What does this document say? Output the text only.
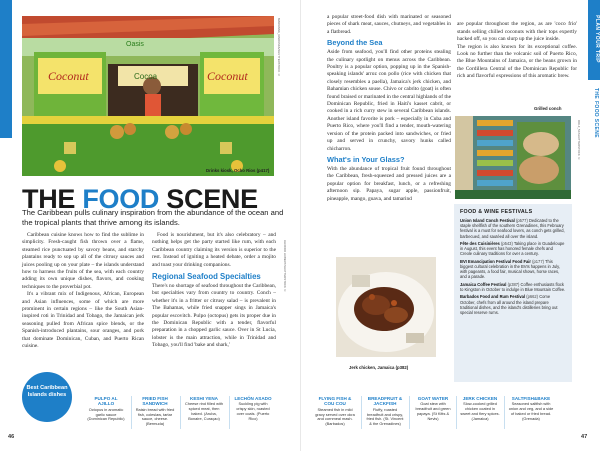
Coconut	Coconut
Cocoa
Oasis	MARIANNA_IANOVSKA/SHUTTERSTOCK ©
Drinks kiosk, Ocho Rios (p417)
THE FOOD SCENE
The Caribbean pulls culinary inspiration from the abundance of the ocean and the tropical plants that thrive among its islands.

Caribbean cuisine knows how to find the sublime in simplicity. Fresh-caught fish thrown over a flame, steamed rice punctuated by savory beans, and starchy plantains ready to sop up all of the citrusy sauces and juices pooling up on your plate – the islands understand how to harness the fruits of the sea, with each country adding its own unique dishes, flavors, and cooking techniques to the proverbial pot.

It's a vibrant mix of Indigenous, African, European and Asian influences, some of which are more prominent in certain regions – like the South Asian-inspired roti in Trinidad and Tobago, the Jamaican jerk seasoning pulled from African spice blends, or the Spanish-introduced plantains, sour oranges, and pork that dominate Dominican, Cuban, and Puerto Rican cuisine.

Food is nourishment, but it's also celebratory – and nothing helps get the party started like rum, with each Caribbean country claiming its version is superior to the rest. Instead of igniting a heated debate, order a mojito and toast your drinking companions.

Regional Seafood Specialties

There's no shortage of seafood throughout the Caribbean, but specialties vary from country to country. Conch – whether it's in a fritter or citrusy salad – is prevalent in The Bahamas, while fried snapper sings in Jamaica's popular escovitch. Pulpo (octopus) gets its proper due in the Dominican Republic with a tender, flavorful preparation in a chopped garlic sauce. Over in St Lucia, lobster is the main attraction, while in Trinidad and Tobago, you'll find 'bake and shark,'

ALFRIDO HUBERT/SHUTTERSTOCK ©
Best Caribbean Islands dishes
PULPO AL AJILLO
Octopus in aromatic garlic sauce (Dominican Republic)
FRIED FISH SANDWICH
Raisin bread with fried fish, coleslaw, tartar sauce, cheese. (Bermuda)
KESHI YENA
Cheese rind filled with spiced meat, then baked. (Aruba, Bonaire, Curaçao)
LECHÓN ASADO
Suckling pig with crispy skin, roasted over coals. (Puerto Rico)
46
PLAN YOUR TRIP
THE FOOD SCENE

a popular street-food dish with marinated or seasoned pieces of shark meat, sauces, chutneys, and vegetables in a flatbread.

Beyond the Sea

Aside from seafood, you'll find other proteins stealing the culinary spotlight on menus across the Caribbean. Poultry is a popular option, popping up in the Spanish-speaking islands' arroz con pollo (rice with chicken that closely resembles a paella), Jamaica's jerk chicken, and Bahamian chicken souse. Chivo or cabrito (goat) is often found braised or marinated in the central highlands of the Dominican Republic, fried in Haiti's kasset cabrit, or cooked in a rich curry stew in several Caribbean islands. Another island favorite is pork – especially in Cuba and Puerto Rico, where you'll find a tender, mouth-watering version of the protein packed into sandwiches, or fried up and served in crunchy, savory hunks called chicharron.

What's in Your Glass?

With the abundance of tropical fruit found throughout the Caribbean, fresh-squeezed and pressed juices are a popular option for breakfast, lunch, or a refreshing afternoon sip. Papaya, sugar apple, passionfruit, pineapple, mango, guava, and tamarind

are popular throughout the region, as are 'coco frio' stands selling chilled coconuts with their tops expertly hacked off, so you can slurp up the juice inside.
The region is also known for its exceptional coffee. Look no further than the volcanic soil of Puerto Rico, the Blue Mountains of Jamaica, or the beans grown in the Cordillera Central of the Dominican Republic for rich and flavorful expressions of this aromatic brew.

Grilled conch
ROLF_52/SHUTTERSTOCK ©
Jerk chicken, Jamaica (p382)
FLYING FISH & COU COU
Steamed fish in mild gravy served over okra and cornmeal mash. (Barbados)
BREADFRUIT & JACKFISH
Fluffy, roasted breadfruit and crispy, fried fish. (St. Vincent & the Grenadines)
GOAT WATER
Goat stew with breadfruit and green papaya. (St Kitts & Nevis)
JERK CHICKEN
Slow-cooked grilled chicken coated in sweet and fiery spices. (Jamaica)
SALTFISH&BAKE
Seasoned saltfish with onion and veg, and a side of baked or fried bread. (Grenada)
47
FOOD & WINE FESTIVALS
Union Island Conch Festival (p577) Dedicated to the staple shellfish of the southern Grenadines, this February festival is a must for seafood lovers, as conch gets grilled, barbecued, and sautéed all over the island.
Fête des Cuisinières (p543) Taking place in Guadeloupe in August, this event has honored female chefs and Creole culinary traditions for over a century.
BVI Emancipation Festival Food Fair (p177) This biggest cultural celebration in the BVIs happens in July, with pageants, a food fair, musical shows, horse races, and a parade.
Jamaica Coffee Festival (p387) Coffee enthusiasts flock to Kingston in October to indulge in Blue Mountain Coffee.
Barbados Food and Rum Festival (p662) Come October, chefs from all around the island prepare traditional dishes, and the island's distilleries bring out special reserve rums.
